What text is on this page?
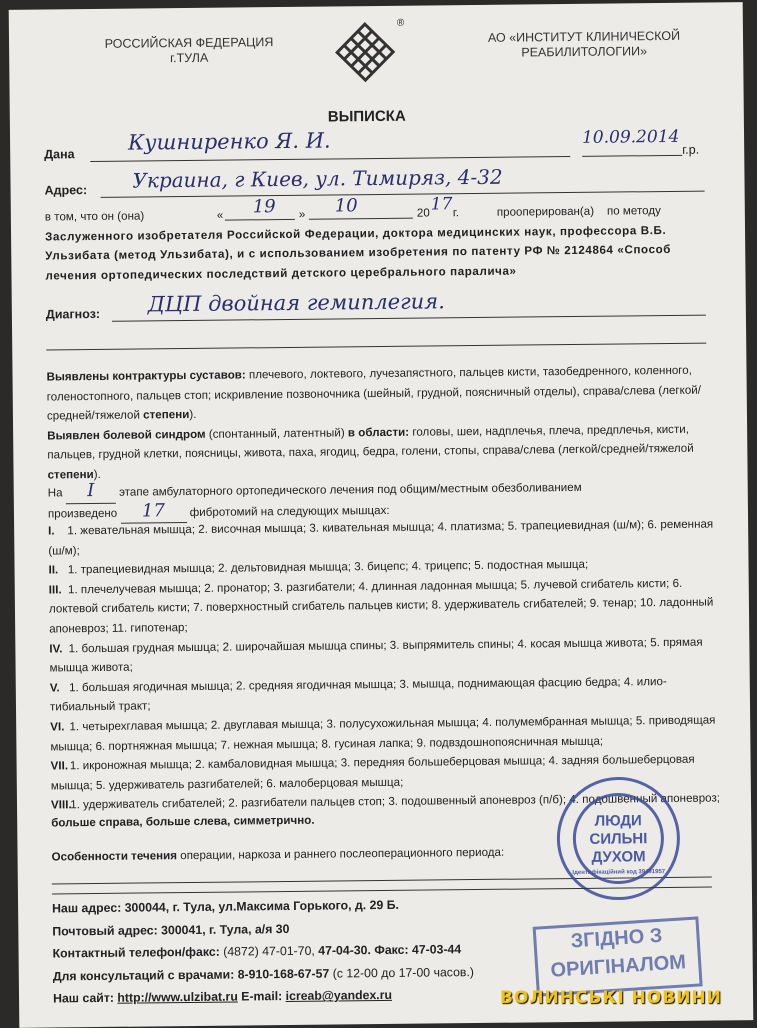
РОССИЙСКАЯ ФЕДЕРАЦИЯ
г.ТУЛА
®
АО «ИНСТИТУТ КЛИНИЧЕСКОЙ
РЕАБИЛИТОЛОГИИ»
ВЫПИСКА
Дана	Кушниренко Я. И.	10.09.2014
г.р.
Адрес: Украина, г Киев, ул. Тимиряз, 4-32

в том, что он (она)	« 19 » 10	20 17 г.	прооперирован(а)    по методу

Заслуженного изобретателя Российской Федерации, доктора медицинских наук, профессора В.Б. Ульзибата (метод Ульзибата), и с использованием изобретения по патенту РФ № 2124864 «Способ лечения ортопедических последствий детского церебрального паралича»

Диагноз: ДЦП двойная гемиплегия.

Выявлены контрактуры суставов: плечевого, локтевого, лучезапястного, пальцев кисти, тазобедренного, коленного, голеностопного, пальцев стоп; искривление позвоночника (шейный, грудной, поясничный отделы), справа/слева (легкой/средней/тяжелой степени).

Выявлен болевой синдром (спонтанный, латентный) в области: головы, шеи, надплечья, плеча, предплечья, кисти, пальцев, грудной клетки, поясницы, живота, паха, ягодиц, бедра, голени, стопы, справа/слева (легкой/средней/тяжелой степени).

На I этапе амбулаторного ортопедического лечения под общим/местным обезболиванием

произведено 17 фибротомий на следующих мышцах:

I. 1. жевательная мышца; 2. височная мышца; 3. кивательная мышца; 4. платизма; 5. трапециевидная (ш/м); 6. ременная (ш/м);

II. 1. трапециевидная мышца; 2. дельтовидная мышца; 3. бицепс; 4. трицепс; 5. подостная мышца;

III. 1. плечелучевая мышца; 2. пронатор; 3. разгибатели; 4. длинная ладонная мышца; 5. лучевой сгибатель кисти; 6. локтевой сгибатель кисти; 7. поверхностный сгибатель пальцев кисти; 8. удерживатель сгибателей; 9. тенар; 10. ладонный апоневроз; 11. гипотенар;

IV. 1. большая грудная мышца; 2. широчайшая мышца спины; 3. выпрямитель спины; 4. косая мышца живота; 5. прямая мышца живота;

V. 1. большая ягодичная мышца; 2. средняя ягодичная мышца; 3. мышца, поднимающая фасцию бедра; 4. илио-тибиальный тракт;

VI. 1. четырехглавая мышца; 2. двуглавая мышца; 3. полусухожильная мышца; 4. полумембранная мышца; 5. приводящая мышца; 6. портняжная мышца; 7. нежная мышца; 8. гусиная лапка; 9. подвздошнопоясничная мышца;

VII. 1. икроножная мышца; 2. камбаловидная мышца; 3. передняя большеберцовая мышца; 4. задняя большеберцовая мышца; 5. удерживатель разгибателей; 6. малоберцовая мышца;

VIII. 1. удерживатель сгибателей; 2. разгибатели пальцев стоп; 3. подошвенный апоневроз (п/б); 4. подошвенный апоневроз;

больше справа, больше слева, симметрично.

Особенности течения операции, наркоза и раннего послеоперационного периода:

ЛЮДИ
СИЛЬНІ
ДУХОМ
Ідентифікаційний код 39491957

Наш адрес: 300044, г. Тула, ул.Максима Горького, д. 29 Б.

Почтовый адрес: 300041, г. Тула, а/я 30

Контактный телефон/факс: (4872) 47-01-70, 47-04-30. Факс: 47-03-44

Для консультаций с врачами: 8-910-168-67-57 (с 12-00 до 17-00 часов.)

Наш сайт: http://www.ulzibat.ru E-mail: icreab@yandex.ru

ЗГІДНО З
ОРИГІНАЛОМ
ВОЛИНСЬКІ НОВИНИ
